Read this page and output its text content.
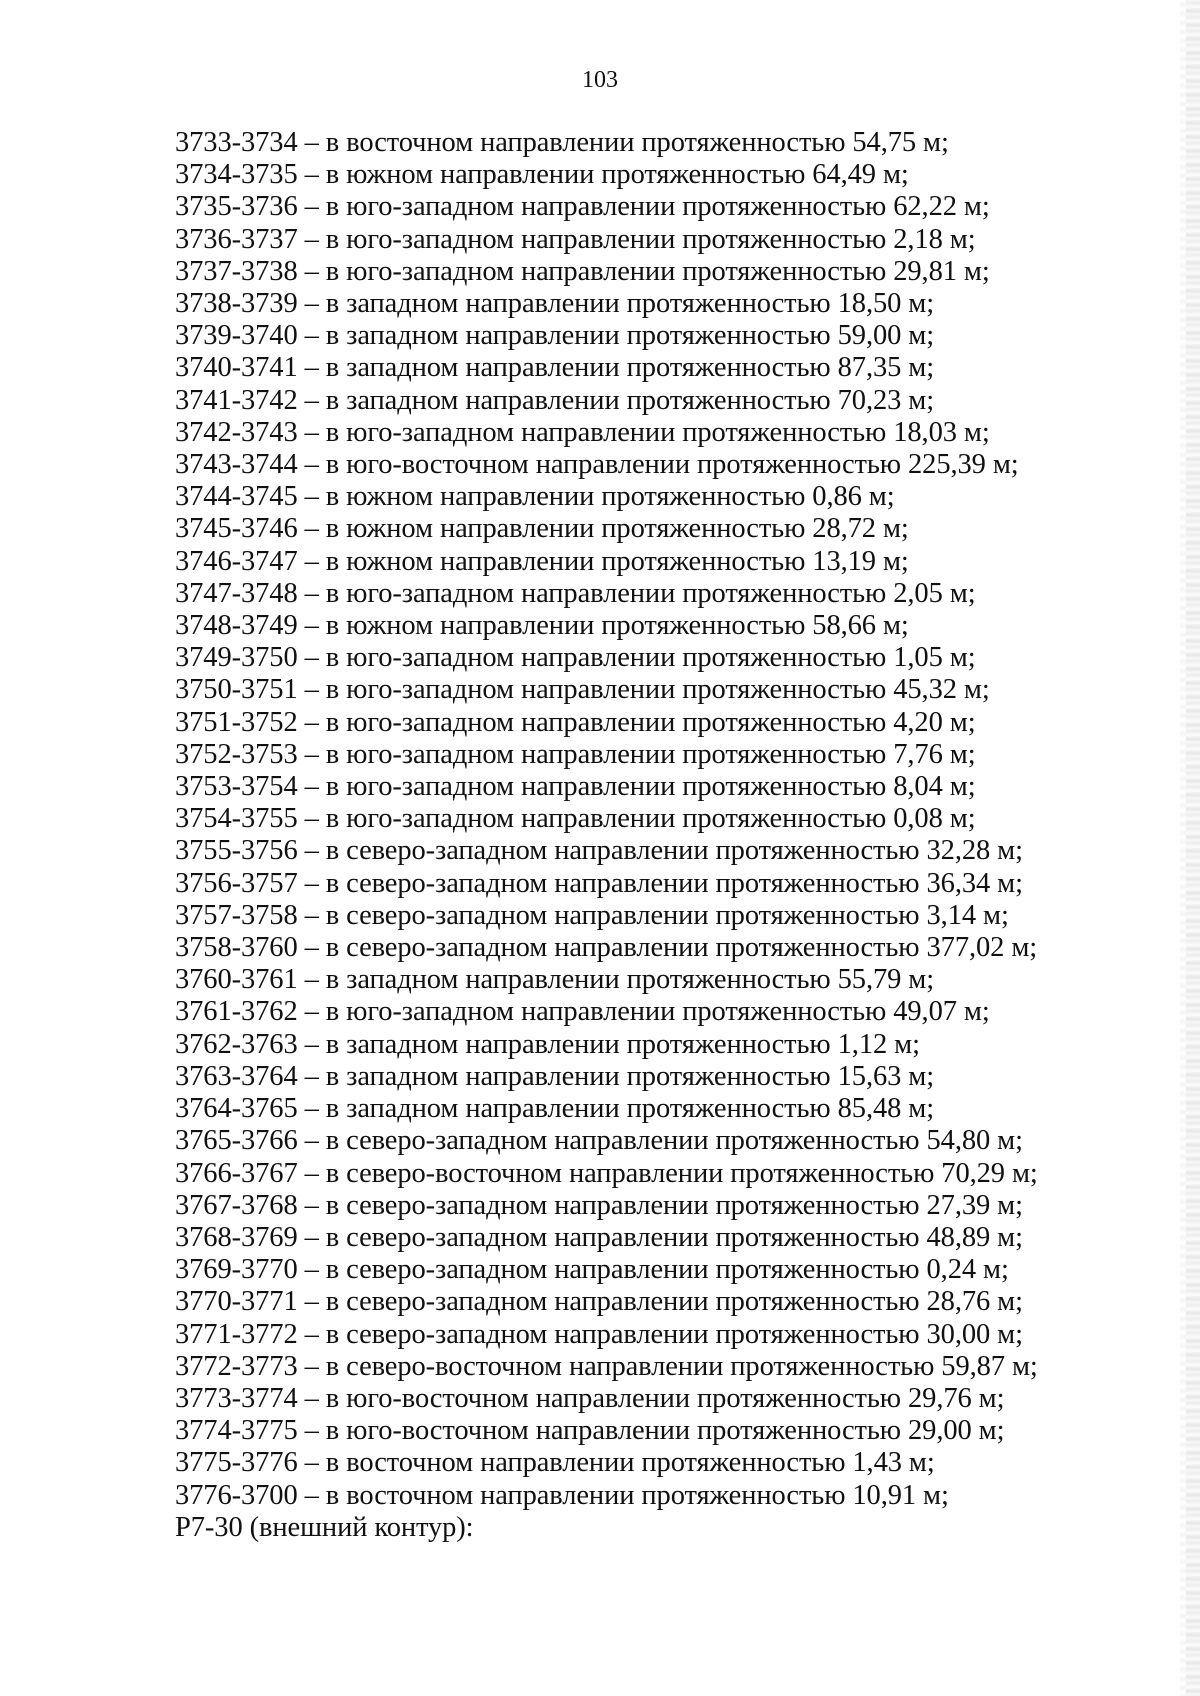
103
3733-3734 – в восточном направлении протяженностью 54,75 м;
3734-3735 – в южном направлении протяженностью 64,49 м;
3735-3736 – в юго-западном направлении протяженностью 62,22 м;
3736-3737 – в юго-западном направлении протяженностью 2,18 м;
3737-3738 – в юго-западном направлении протяженностью 29,81 м;
3738-3739 – в западном направлении протяженностью 18,50 м;
3739-3740 – в западном направлении протяженностью 59,00 м;
3740-3741 – в западном направлении протяженностью 87,35 м;
3741-3742 – в западном направлении протяженностью 70,23 м;
3742-3743 – в юго-западном направлении протяженностью 18,03 м;
3743-3744 – в юго-восточном направлении протяженностью 225,39 м;
3744-3745 – в южном направлении протяженностью 0,86 м;
3745-3746 – в южном направлении протяженностью 28,72 м;
3746-3747 – в южном направлении протяженностью 13,19 м;
3747-3748 – в юго-западном направлении протяженностью 2,05 м;
3748-3749 – в южном направлении протяженностью 58,66 м;
3749-3750 – в юго-западном направлении протяженностью 1,05 м;
3750-3751 – в юго-западном направлении протяженностью 45,32 м;
3751-3752 – в юго-западном направлении протяженностью 4,20 м;
3752-3753 – в юго-западном направлении протяженностью 7,76 м;
3753-3754 – в юго-западном направлении протяженностью 8,04 м;
3754-3755 – в юго-западном направлении протяженностью 0,08 м;
3755-3756 – в северо-западном направлении протяженностью 32,28 м;
3756-3757 – в северо-западном направлении протяженностью 36,34 м;
3757-3758 – в северо-западном направлении протяженностью 3,14 м;
3758-3760 – в северо-западном направлении протяженностью 377,02 м;
3760-3761 – в западном направлении протяженностью 55,79 м;
3761-3762 – в юго-западном направлении протяженностью 49,07 м;
3762-3763 – в западном направлении протяженностью 1,12 м;
3763-3764 – в западном направлении протяженностью 15,63 м;
3764-3765 – в западном направлении протяженностью 85,48 м;
3765-3766 – в северо-западном направлении протяженностью 54,80 м;
3766-3767 – в северо-восточном направлении протяженностью 70,29 м;
3767-3768 – в северо-западном направлении протяженностью 27,39 м;
3768-3769 – в северо-западном направлении протяженностью 48,89 м;
3769-3770 – в северо-западном направлении протяженностью 0,24 м;
3770-3771 – в северо-западном направлении протяженностью 28,76 м;
3771-3772 – в северо-западном направлении протяженностью 30,00 м;
3772-3773 – в северо-восточном направлении протяженностью 59,87 м;
3773-3774 – в юго-восточном направлении протяженностью 29,76 м;
3774-3775 – в юго-восточном направлении протяженностью 29,00 м;
3775-3776 – в восточном направлении протяженностью 1,43 м;
3776-3700 – в восточном направлении протяженностью 10,91 м;
Р7-30 (внешний контур):
